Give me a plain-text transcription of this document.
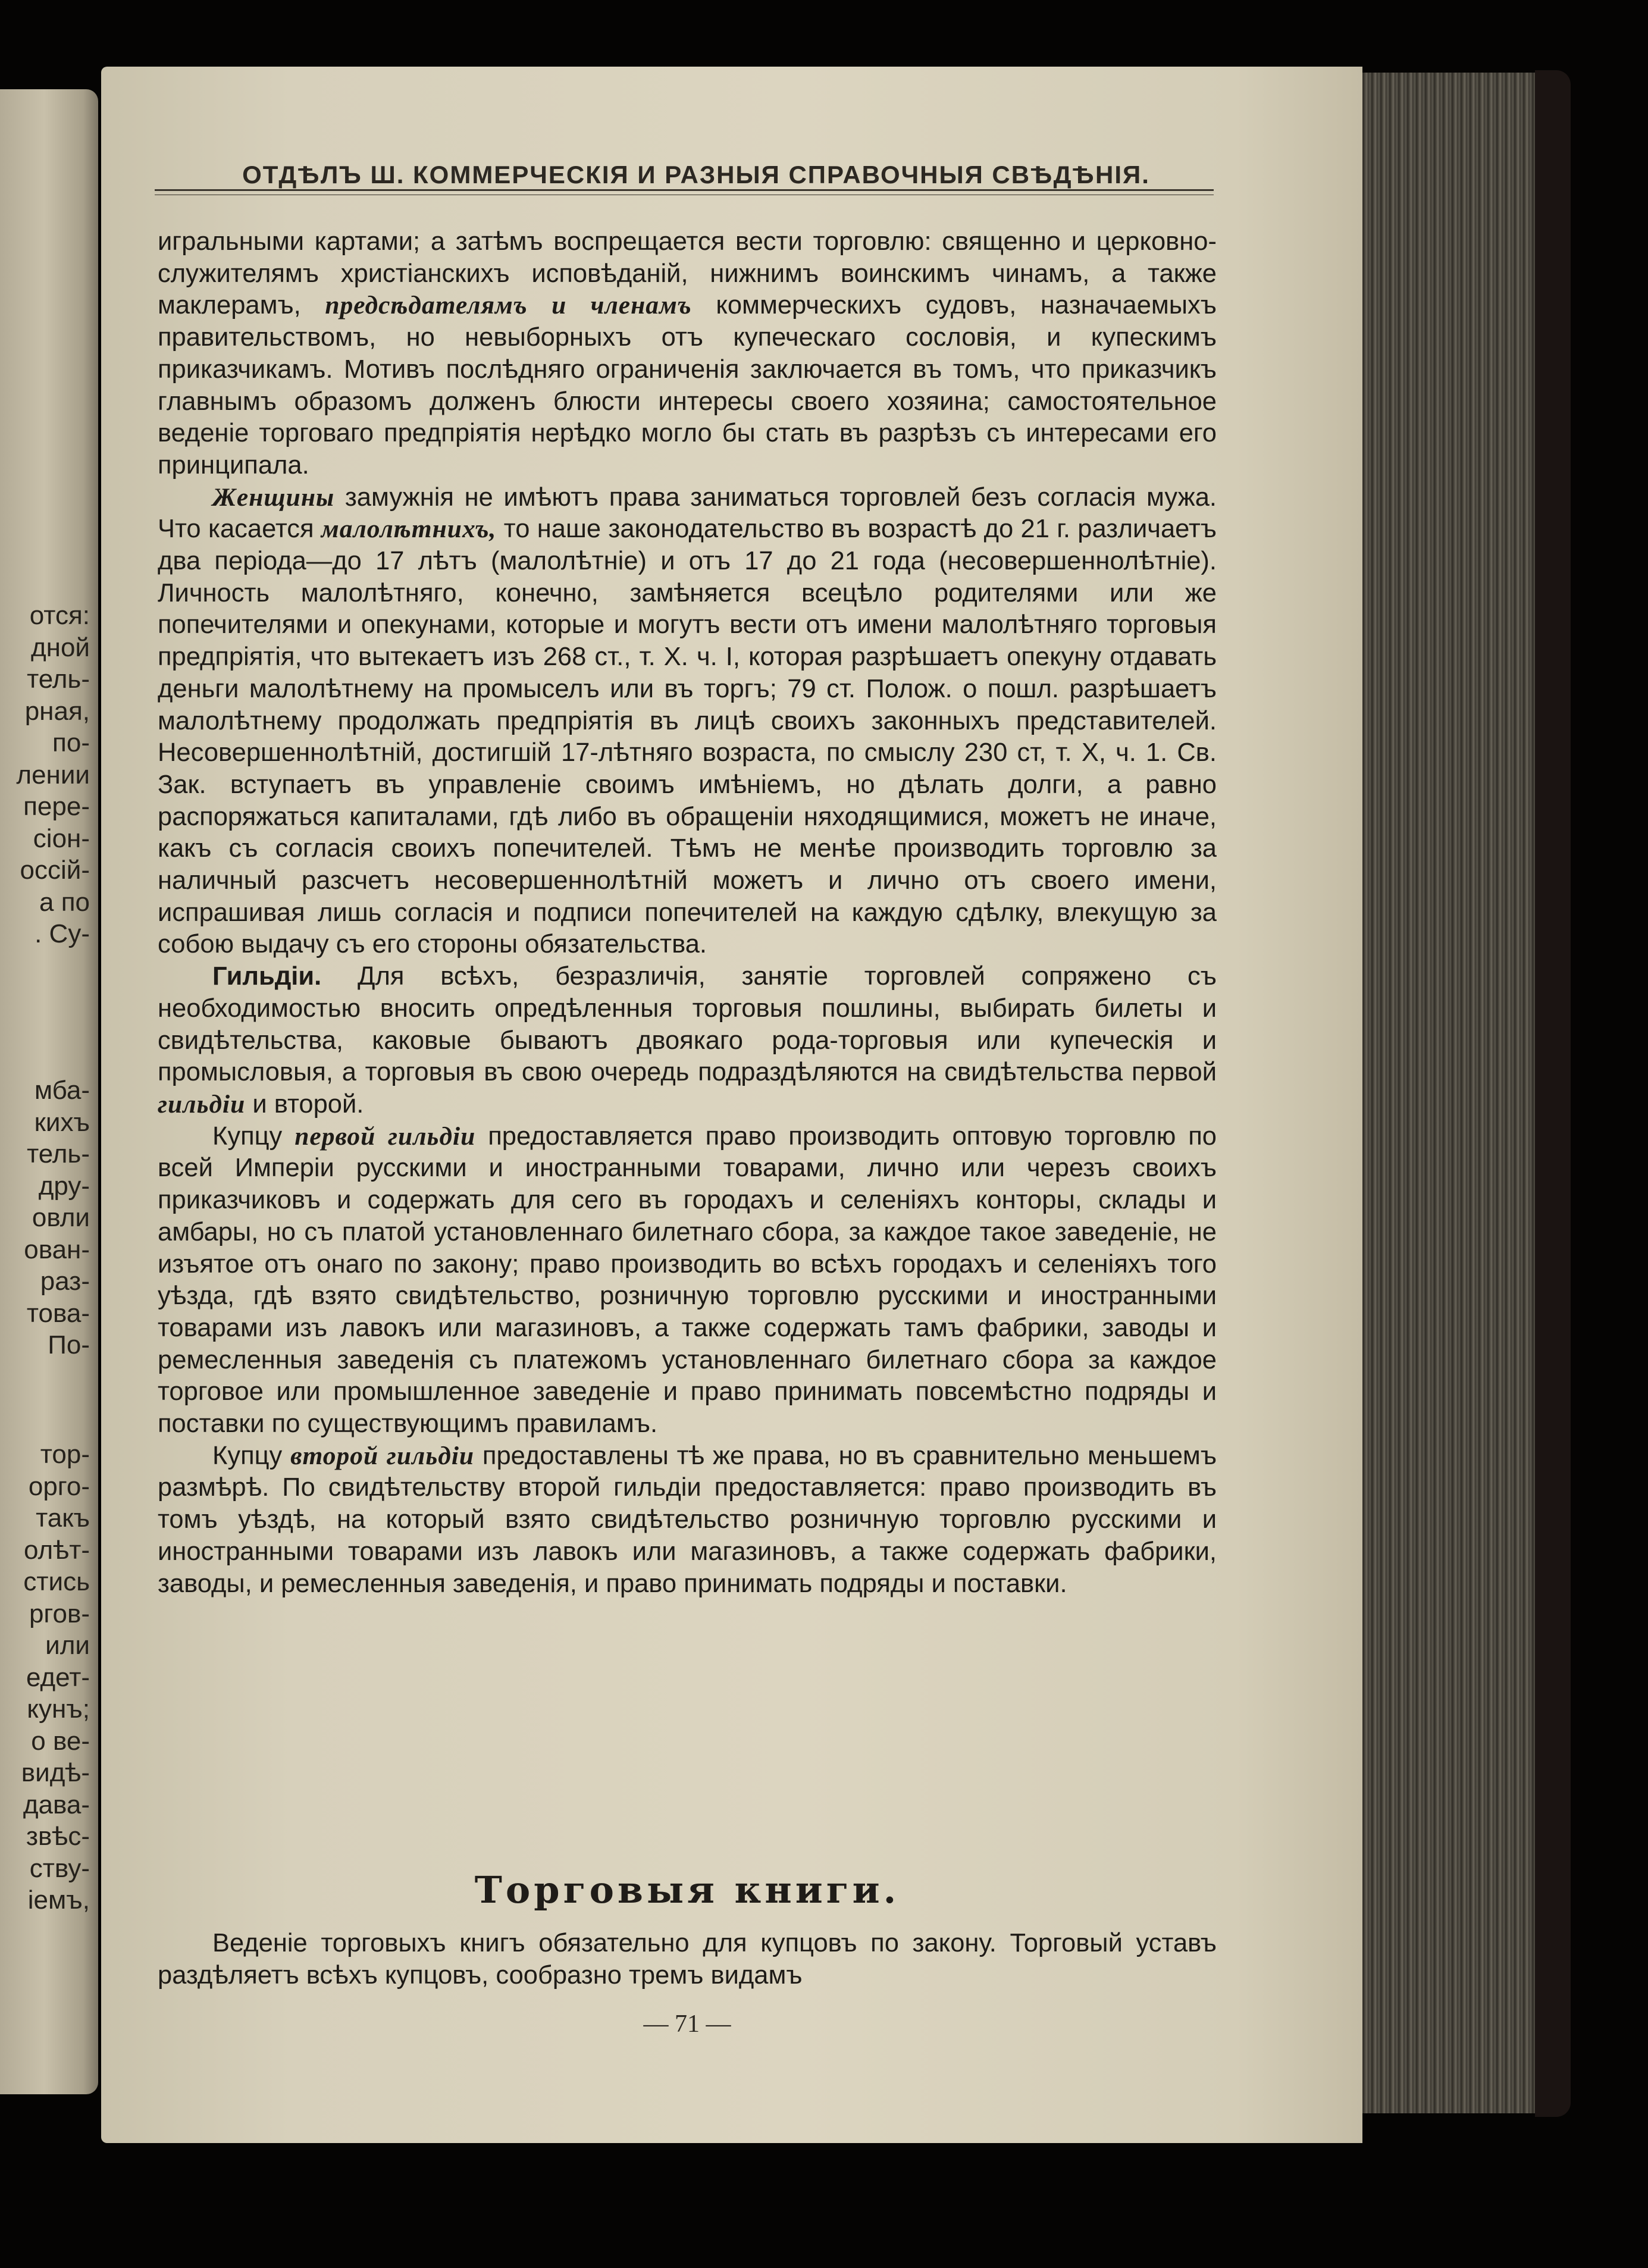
отся:
дной
тель-
рная,
по-
лении
пере-
сіон-
оссій-
а по
. Су-
мба-
кихъ
тель-
дру-
овли
ован-
раз-
това-
По-
тор-
орго-
такъ
олѣт-
стись
ргов-
или
едет-
кунъ;
о ве-
видѣ-
дава-
звѣс-
ству-
іемъ,
ОТДѢЛЪ Ш. КОММЕРЧЕСКІЯ И РАЗНЫЯ СПРАВОЧНЫЯ СВѢДѢНІЯ.

игральными картами; а затѣмъ воспрещается вести торговлю: священно и церковно-служителямъ христіанскихъ исповѣданій, нижнимъ воинскимъ чинамъ, а также маклерамъ, предсѣдателямъ и членамъ коммерческихъ судовъ, назначаемыхъ правительствомъ, но невыборныхъ отъ купеческаго сословія, и купескимъ приказчикамъ. Мотивъ послѣдняго ограниченія заключается въ томъ, что приказчикъ главнымъ образомъ долженъ блюсти интересы своего хозяина; самостоятельное веденіе торговаго предпріятія нерѣдко могло бы стать въ разрѣзъ съ интересами его принципала.

Женщины замужнія не имѣютъ права заниматься торговлей безъ согласія мужа. Что касается малолѣтнихъ, то наше законодательство въ возрастѣ до 21 г. различаетъ два періода—до 17 лѣтъ (малолѣтніе) и отъ 17 до 21 года (несовершеннолѣтніе). Личность малолѣтняго, конечно, замѣняется всецѣло родителями или же попечителями и опекунами, которые и могутъ вести отъ имени малолѣтняго торговыя предпріятія, что вытекаетъ изъ 268 ст., т. X. ч. I, которая разрѣшаетъ опекуну отдавать деньги малолѣтнему на промыселъ или въ торгъ; 79 ст. Полож. о пошл. разрѣшаетъ малолѣтнему продолжать предпріятія въ лицѣ своихъ законныхъ представителей. Несовершеннолѣтній, достигшій 17-лѣтняго возраста, по смыслу 230 ст, т. X, ч. 1. Св. Зак. вступаетъ въ управленіе своимъ имѣніемъ, но дѣлать долги, а равно распоряжаться капиталами, гдѣ либо въ обращеніи няходящимися, можетъ не иначе, какъ съ согласія своихъ попечителей. Тѣмъ не менѣе производить торговлю за наличный разсчетъ несовершеннолѣтній можетъ и лично отъ своего имени, испрашивая лишь согласія и подписи попечителей на каждую сдѣлку, влекущую за собою выдачу съ его стороны обязательства.

Гильдіи. Для всѣхъ, безразличія, занятіе торговлей сопряжено съ необходимостью вносить опредѣленныя торговыя пошлины, выбирать билеты и свидѣтельства, каковые бываютъ двоякаго рода-торговыя или купеческія и промысловыя, а торговыя въ свою очередь подраздѣляются на свидѣтельства первой гильдіи и второй.

Купцу первой гильдіи предоставляется право производить оптовую торговлю по всей Имперіи русскими и иностранными товарами, лично или черезъ своихъ приказчиковъ и содержать для сего въ городахъ и селеніяхъ конторы, склады и амбары, но съ платой установленнаго билетнаго сбора, за каждое такое заведеніе, не изъятое отъ онаго по закону; право производить во всѣхъ городахъ и селеніяхъ того уѣзда, гдѣ взято свидѣтельство, розничную торговлю русскими и иностранными товарами изъ лавокъ или магазиновъ, а также содержать тамъ фабрики, заводы и ремесленныя заведенія съ платежомъ установленнаго билетнаго сбора за каждое торговое или промышленное заведеніе и право принимать повсемѣстно подряды и поставки по существующимъ правиламъ.

Купцу второй гильдіи предоставлены тѣ же права, но въ сравнительно меньшемъ размѣрѣ. По свидѣтельству второй гильдіи предоставляется: право производить въ томъ уѣздѣ, на который взято свидѣтельство розничную торговлю русскими и иностранными товарами изъ лавокъ или магазиновъ, а также содержать фабрики, заводы, и ремесленныя заведенія, и право принимать подряды и поставки.

Торговыя книги.

Веденіе торговыхъ книгъ обязательно для купцовъ по закону. Торговый уставъ раздѣляетъ всѣхъ купцовъ, сообразно тремъ видамъ

— 71 —
